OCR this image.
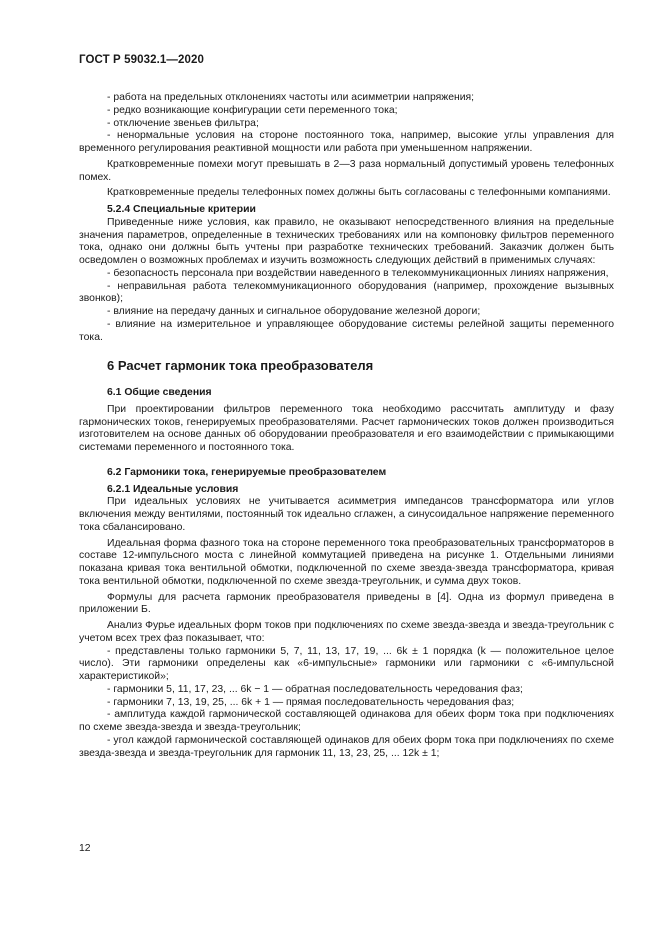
ГОСТ Р 59032.1—2020

- работа на предельных отклонениях частоты или асимметрии напряжения;

- редко возникающие конфигурации сети переменного тока;

- отключение звеньев фильтра;

- ненормальные условия на стороне постоянного тока, например, высокие углы управления для временного регулирования реактивной мощности или работа при уменьшенном напряжении.

Кратковременные помехи могут превышать в 2—3 раза нормальный допустимый уровень телефонных помех.

Кратковременные пределы телефонных помех должны быть согласованы с телефонными компаниями.

5.2.4 Специальные критерии

Приведенные ниже условия, как правило, не оказывают непосредственного влияния на предельные значения параметров, определенные в технических требованиях или на компоновку фильтров переменного тока, однако они должны быть учтены при разработке технических требований. Заказчик должен быть осведомлен о возможных проблемах и изучить возможность следующих действий в применимых случаях:

- безопасность персонала при воздействии наведенного в телекоммуникационных линиях напряжения,

- неправильная работа телекоммуникационного оборудования (например, прохождение вызывных звонков);

- влияние на передачу данных и сигнальное оборудование железной дороги;

- влияние на измерительное и управляющее оборудование системы релейной защиты переменного тока.

6 Расчет гармоник тока преобразователя

6.1 Общие сведения

При проектировании фильтров переменного тока необходимо рассчитать амплитуду и фазу гармонических токов, генерируемых преобразователями. Расчет гармонических токов должен производиться изготовителем на основе данных об оборудовании преобразователя и его взаимодействии с примыкающими системами переменного и постоянного тока.

6.2 Гармоники тока, генерируемые преобразователем

6.2.1 Идеальные условия

При идеальных условиях не учитывается асимметрия импедансов трансформатора или углов включения между вентилями, постоянный ток идеально сглажен, а синусоидальное напряжение переменного тока сбалансировано.

Идеальная форма фазного тока на стороне переменного тока преобразовательных трансформаторов в составе 12-импульсного моста с линейной коммутацией приведена на рисунке 1. Отдельными линиями показана кривая тока вентильной обмотки, подключенной по схеме звезда-звезда трансформатора, кривая тока вентильной обмотки, подключенной по схеме звезда-треугольник, и сумма двух токов.

Формулы для расчета гармоник преобразователя приведены в [4]. Одна из формул приведена в приложении Б.

Анализ Фурье идеальных форм токов при подключениях по схеме звезда-звезда и звезда-треугольник с учетом всех трех фаз показывает, что:

- представлены только гармоники 5, 7, 11, 13, 17, 19, ... 6k ± 1 порядка (k — положительное целое число). Эти гармоники определены как «6-импульсные» гармоники или гармоники с «6-импульсной характеристикой»;

- гармоники 5, 11, 17, 23, ... 6k − 1 — обратная последовательность чередования фаз;

- гармоники 7, 13, 19, 25, ... 6k + 1 — прямая последовательность чередования фаз;

- амплитуда каждой гармонической составляющей одинакова для обеих форм тока при подключениях по схеме звезда-звезда и звезда-треугольник;

- угол каждой гармонической составляющей одинаков для обеих форм тока при подключениях по схеме звезда-звезда и звезда-треугольник для гармоник 11, 13, 23, 25, ... 12k ± 1;

12
